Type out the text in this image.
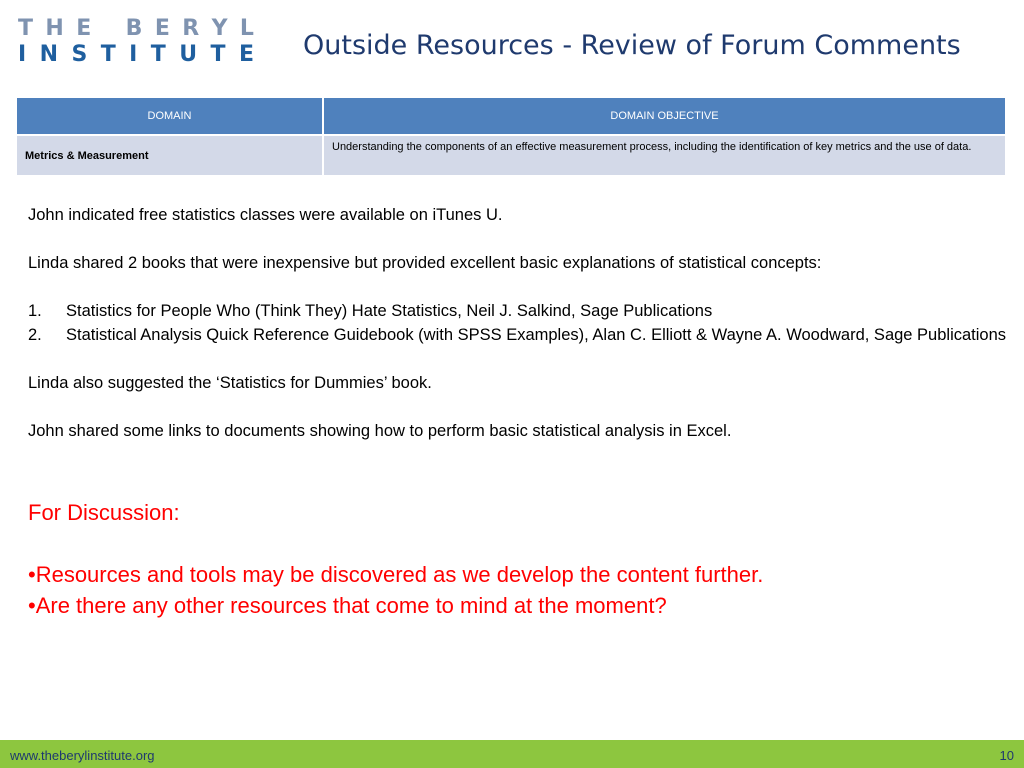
T H E B E R Y L
I N S T I T U T E Outside Resources - Review of Forum Comments
DOMAIN	DOMAIN OBJECTIVE
Metrics & Measurement	Understanding the components of an effective measurement process, including the identification of key metrics and the use of data.

John indicated free statistics classes were available on iTunes U.

Linda shared 2 books that were inexpensive but provided excellent basic explanations of statistical concepts:

1. Statistics for People Who (Think They) Hate Statistics, Neil J. Salkind, Sage Publications
2. Statistical Analysis Quick Reference Guidebook (with SPSS Examples), Alan C. Elliott & Wayne A. Woodward, Sage Publications

Linda also suggested the ‘Statistics for Dummies’ book.

John shared some links to documents showing how to perform basic statistical analysis in Excel.

For Discussion:

•Resources and tools may be discovered as we develop the content further.

•Are there any other resources that come to mind at the moment?

www.theberylinstitute.org	10
